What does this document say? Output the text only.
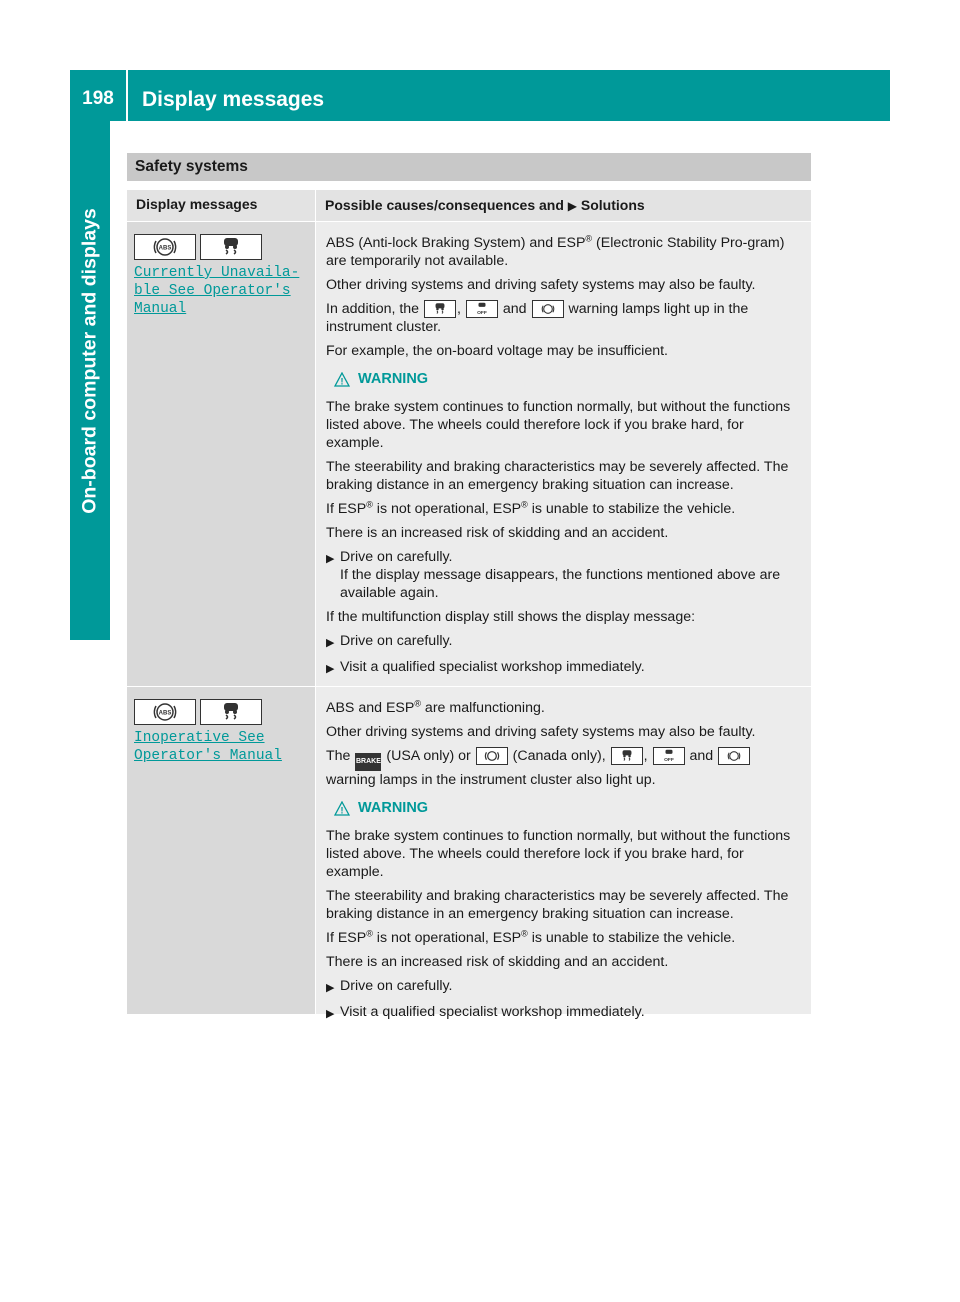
198	Display messages
On-board computer and displays
Safety systems
Display messages	Possible causes/consequences and ▶ Solutions
ABS
Currently Unavaila-
ble See Operator's
Manual

ABS (Anti-lock Braking System) and ESP® (Electronic Stability Pro-gram) are temporarily not available.

Other driving systems and driving safety systems may also be faulty.

In addition, the	, OFF and	warning lamps light up in the instrument cluster.

For example, the on-board voltage may be insufficient.

! WARNING

The brake system continues to function normally, but without the functions listed above. The wheels could therefore lock if you brake hard, for example.

The steerability and braking characteristics may be severely affected. The braking distance in an emergency braking situation can increase.

If ESP® is not operational, ESP® is unable to stabilize the vehicle.

There is an increased risk of skidding and an accident.

▶ Drive on carefully.
If the display message disappears, the functions mentioned above are available again.

If the multifunction display still shows the display message:

▶ Drive on carefully.
▶ Visit a qualified specialist workshop immediately.
ABS
Inoperative See
Operator's Manual

ABS and ESP® are malfunctioning.

Other driving systems and driving safety systems may also be faulty.

The BRAKE (USA only) or	(Canada only),	, OFF and
warning lamps in the instrument cluster also light up.

! WARNING

The brake system continues to function normally, but without the functions listed above. The wheels could therefore lock if you brake hard, for example.

The steerability and braking characteristics may be severely affected. The braking distance in an emergency braking situation can increase.

If ESP® is not operational, ESP® is unable to stabilize the vehicle.

There is an increased risk of skidding and an accident.

▶ Drive on carefully.
▶ Visit a qualified specialist workshop immediately.
